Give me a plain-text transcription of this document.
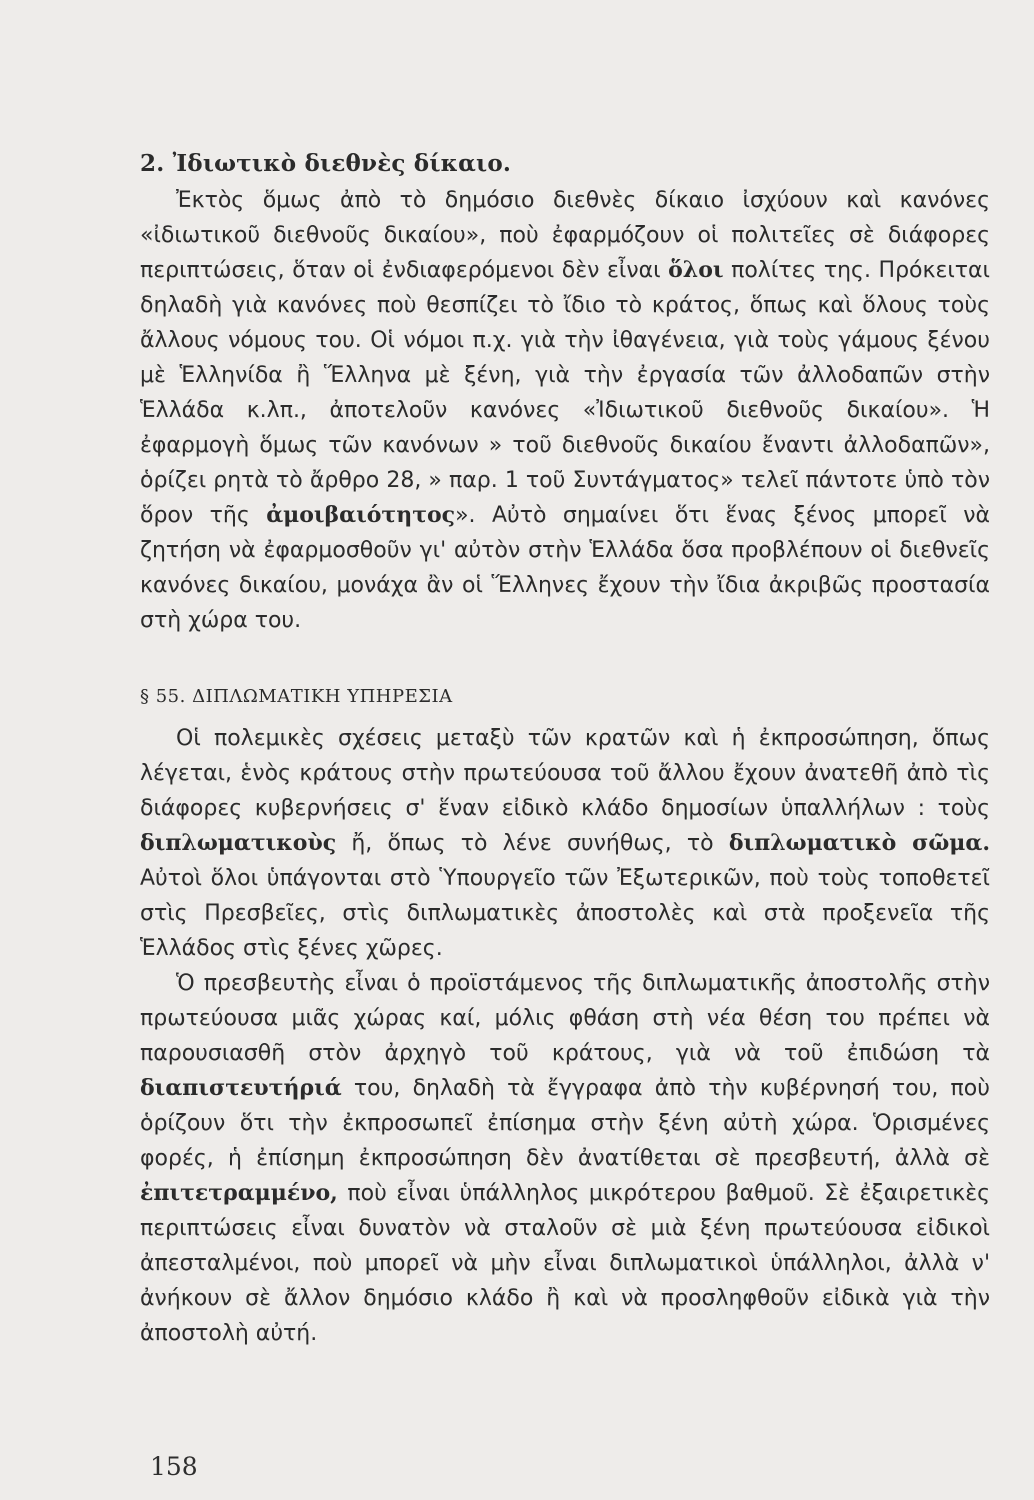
2. Ἰδιωτικὸ διεθνὲς δίκαιο.

Ἐκτὸς ὅμως ἀπὸ τὸ δημόσιο διεθνὲς δίκαιο ἰσχύουν καὶ κανόνες «ἰδιωτικοῦ διεθνοῦς δικαίου», ποὺ ἐφαρμόζουν οἱ πολιτεῖες σὲ διάφορες περιπτώσεις, ὅταν οἱ ἐνδιαφερόμενοι δὲν εἶναι ὅλοι πολίτες της. Πρόκειται δηλαδὴ γιὰ κανόνες ποὺ θεσπίζει τὸ ἴδιο τὸ κράτος, ὅπως καὶ ὅλους τοὺς ἄλλους νόμους του. Οἱ νόμοι π.χ. γιὰ τὴν ἰθαγένεια, γιὰ τοὺς γάμους ξένου μὲ Ἑλληνίδα ἢ Ἕλληνα μὲ ξένη, γιὰ τὴν ἐργασία τῶν ἀλλοδαπῶν στὴν Ἑλλάδα κ.λπ., ἀποτελοῦν κανόνες «Ἰδιωτικοῦ διεθνοῦς δικαίου». Ἡ ἐφαρμογὴ ὅμως τῶν κανόνων » τοῦ διεθνοῦς δικαίου ἔναντι ἀλλοδαπῶν», ὁρίζει ρητὰ τὸ ἄρθρο 28, » παρ. 1 τοῦ Συντάγματος» τελεῖ πάντοτε ὑπὸ τὸν ὅρον τῆς ἀμοιβαιότητος». Αὐτὸ σημαίνει ὅτι ἕνας ξένος μπορεῖ νὰ ζητήση νὰ ἐφαρμοσθοῦν γι' αὐτὸν στὴν Ἑλλάδα ὅσα προβλέπουν οἱ διεθνεῖς κανόνες δικαίου, μονάχα ἂν οἱ Ἕλληνες ἔχουν τὴν ἴδια ἀκριβῶς προστασία στὴ χώρα του.

§ 55. ΔΙΠΛΩΜΑΤΙΚΗ ΥΠΗΡΕΣΙΑ

Οἱ πολεμικὲς σχέσεις μεταξὺ τῶν κρατῶν καὶ ἡ ἐκπροσώπηση, ὅπως λέγεται, ἑνὸς κράτους στὴν πρωτεύουσα τοῦ ἄλλου ἔχουν ἀνατεθῆ ἀπὸ τὶς διάφορες κυβερνήσεις σ' ἕναν εἰδικὸ κλάδο δημοσίων ὑπαλλήλων : τοὺς διπλωματικοὺς ἤ, ὅπως τὸ λένε συνήθως, τὸ διπλωματικὸ σῶμα. Αὐτοὶ ὅλοι ὑπάγονται στὸ Ὑπουργεῖο τῶν Ἐξωτερικῶν, ποὺ τοὺς τοποθετεῖ στὶς Πρεσβεῖες, στὶς διπλωματικὲς ἀποστολὲς καὶ στὰ προξενεῖα τῆς Ἑλλάδος στὶς ξένες χῶρες.

Ὁ πρεσβευτὴς εἶναι ὁ προϊστάμενος τῆς διπλωματικῆς ἀποστολῆς στὴν πρωτεύουσα μιᾶς χώρας καί, μόλις φθάση στὴ νέα θέση του πρέπει νὰ παρουσιασθῆ στὸν ἀρχηγὸ τοῦ κράτους, γιὰ νὰ τοῦ ἐπιδώση τὰ διαπιστευτήριά του, δηλαδὴ τὰ ἔγγραφα ἀπὸ τὴν κυβέρνησή του, ποὺ ὁρίζουν ὅτι τὴν ἐκπροσωπεῖ ἐπίσημα στὴν ξένη αὐτὴ χώρα. Ὁρισμένες φορές, ἡ ἐπίσημη ἐκπροσώπηση δὲν ἀνατίθεται σὲ πρεσβευτή, ἀλλὰ σὲ ἐπιτετραμμένο, ποὺ εἶναι ὑπάλληλος μικρότερου βαθμοῦ. Σὲ ἐξαιρετικὲς περιπτώσεις εἶναι δυνατὸν νὰ σταλοῦν σὲ μιὰ ξένη πρωτεύουσα εἰδικοὶ ἀπεσταλμένοι, ποὺ μπορεῖ νὰ μὴν εἶναι διπλωματικοὶ ὑπάλληλοι, ἀλλὰ ν' ἀνήκουν σὲ ἄλλον δημόσιο κλάδο ἢ καὶ νὰ προσληφθοῦν εἰδικὰ γιὰ τὴν ἀποστολὴ αὐτή.

158
